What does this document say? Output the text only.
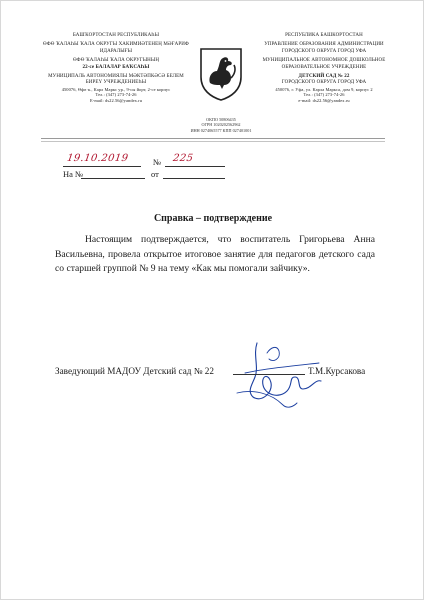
БАШҠОРТОСТАН РЕСПУБЛИКАҺЫ
ӨФӨ ҠАЛАҺЫ ҠАЛА ОКРУГЫ ХАКИМИӘТЕНЕҢ МӘҒАРИФ ИДАРАЛЫҒЫ
ӨФӨ ҠАЛАҺЫ ҠАЛА ОКРУГЫНЫҢ
22-се БАЛАЛАР БАҠСАҺЫ
МУНИЦИПАЛЬ АВТОНОМИЯЛЫ МӘКТӘПКӘСӘ БЕЛЕМ БИРЕҮ УЧРЕЖДЕНИЕҺЫ
450076, Өфө ҡ., Карл Маркс ур., 9-сы йорт, 2-се корпус
Тел.: (347) 273-74-26
E-mail: ds22.56@yandex.ru
РЕСПУБЛИКА БАШКОРТОСТАН
УПРАВЛЕНИЕ ОБРАЗОВАНИЯ АДМИНИСТРАЦИИ ГОРОДСКОГО ОКРУГА ГОРОД УФА
МУНИЦИПАЛЬНОЕ АВТОНОМНОЕ ДОШКОЛЬНОЕ ОБРАЗОВАТЕЛЬНОЕ УЧРЕЖДЕНИЕ
ДЕТСКИЙ САД № 22
ГОРОДСКОГО ОКРУГА ГОРОД УФА
450076, г. Уфа, ул. Карла Маркса, дом 9, корпус 2
Тел.: (347) 273-74-26
e-mail: ds22.56@yandex.ru
ОКПО 50806435
ОГРН 1020202562962
ИНН 0274065577 КПП 027401001
19.10.2019	№ 225
На №	от
Справка – подтверждение
Настоящим подтверждается, что воспитатель Григорьева Анна Васильевна, провела открытое итоговое занятие для педагогов детского сада со старшей группой № 9 на тему «Как мы помогали зайчику».
Заведующий МАДОУ Детский сад № 22	Т.М.Курсакова
